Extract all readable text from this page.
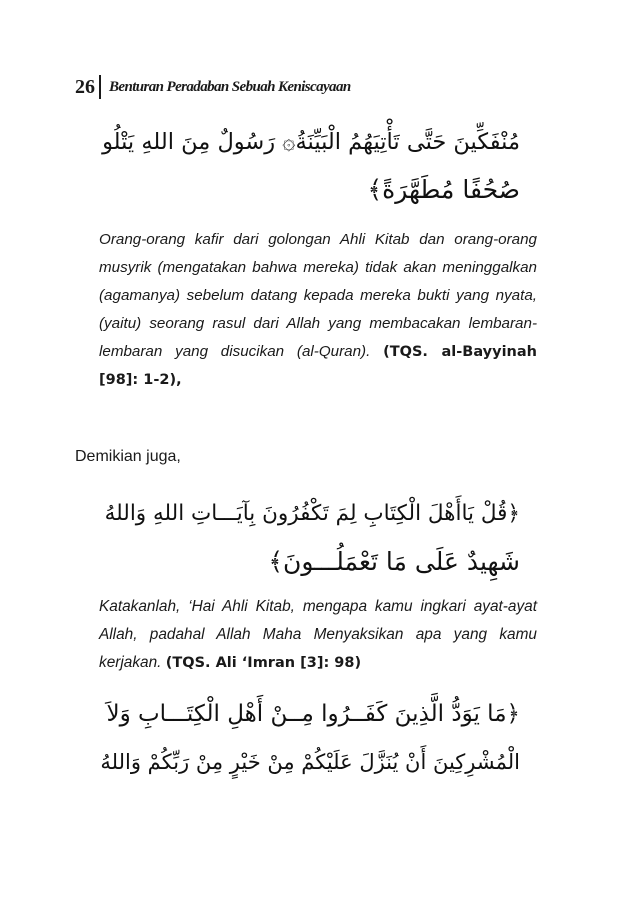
26 Benturan Peradaban Sebuah Keniscayaan
مُنْفَكِّينَ حَتَّى تَأْتِيَهُمُ الْبَيِّنَةُ۞ رَسُولٌ مِنَ اللهِ يَتْلُو
صُحُفًا مُطَهَّرَةً﴾
Orang-orang kafir dari golongan Ahli Kitab dan orang-orang musyrik (mengatakan bahwa mereka) tidak akan meninggalkan (agamanya) sebelum datang kepada mereka bukti yang nyata, (yaitu) seorang rasul dari Allah yang membacakan lembaran-lembaran yang disucikan (al-Quran). (TQS. al-Bayyinah [98]: 1-2),
Demikian juga,
﴿قُلْ يَاأَهْلَ الْكِتَابِ لِمَ تَكْفُرُونَ بِآيَـــاتِ اللهِ وَاللهُ
شَهِيدٌ عَلَى مَا تَعْمَلُـــونَ﴾
Katakanlah, ‘Hai Ahli Kitab, mengapa kamu ingkari ayat-ayat Allah, padahal Allah Maha Menyaksikan apa yang kamu kerjakan. (TQS. Ali ‘Imran [3]: 98)
﴿مَا يَوَدُّ الَّذِينَ كَفَــرُوا مِــنْ أَهْلِ الْكِتَـــابِ وَلاَ
الْمُشْرِكِينَ أَنْ يُنَزَّلَ عَلَيْكُمْ مِنْ خَيْرٍ مِنْ رَبِّكُمْ وَاللهُ
